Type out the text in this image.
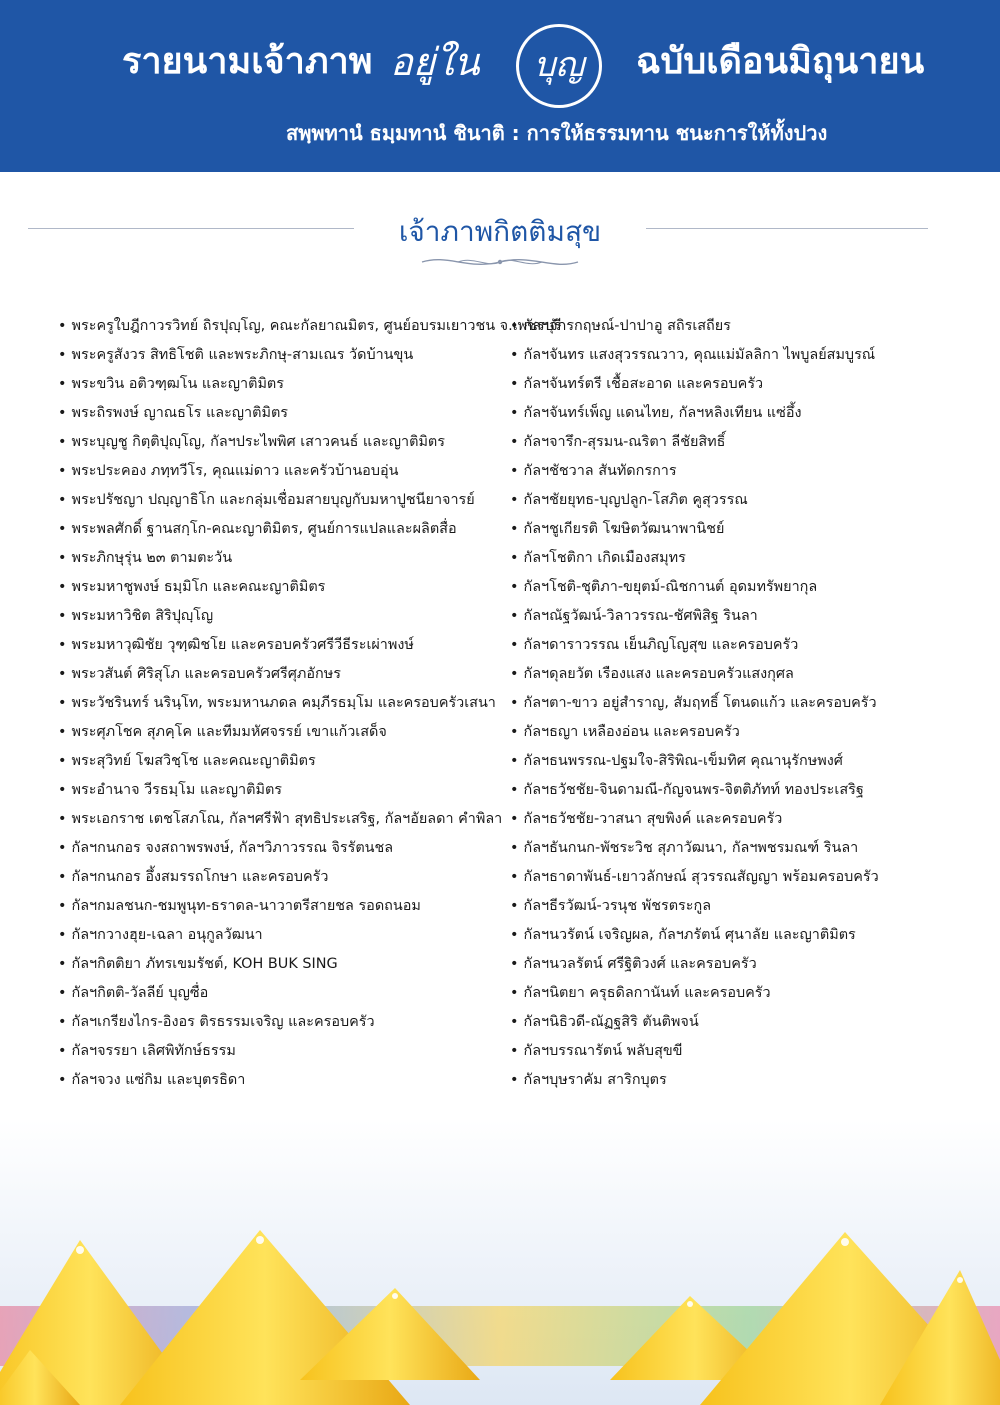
รายนามเจ้าภาพ อยู่ใน	บุญ	ฉบับเดือนมิถุนายน
สพฺพทานํ ธมฺมทานํ ชินาติ : การให้ธรรมทาน ชนะการให้ทั้งปวง
เจ้าภาพกิตติมสุข
• พระครูใบฎีกาวรวิทย์ ถิรปุญฺโญ, คณะกัลยาณมิตร, ศูนย์อบรมเยาวชน จ.เพชรบุรี
• พระครูสังวร สิทธิโชติ และพระภิกษุ-สามเณร วัดบ้านขุน
• พระขวิน อติวฑฺฒโน และญาติมิตร
• พระถิรพงษ์ ญาณธโร และญาติมิตร
• พระบุญชู กิตฺติปุญฺโญ, กัลฯประไพพิศ เสาวคนธ์ และญาติมิตร
• พระประคอง ภทฺทวีโร, คุณแม่ดาว และครัวบ้านอบอุ่น
• พระปรัชญา ปญฺญาธิโก และกลุ่มเชื่อมสายบุญกับมหาปูชนียาจารย์
• พระพลศักดิ์ ฐานสกฺโก-คณะญาติมิตร, ศูนย์การแปลและผลิตสื่อ
• พระภิกษุรุ่น ๒๓ ตามตะวัน
• พระมหาชูพงษ์ ธมฺมิโก และคณะญาติมิตร
• พระมหาวิชิต สิริปุญฺโญ
• พระมหาวุฒิชัย วุฑฺฒิชโย และครอบครัวศรีวีธีระเผ่าพงษ์
• พระวสันต์ ศิริสุโภ และครอบครัวศรีศุภอักษร
• พระวัชรินทร์ นรินฺโท, พระมหานภดล คมฺภีรธมฺโม และครอบครัวเสนา
• พระศุภโชค สุภคฺโค และทีมมหัศจรรย์ เขาแก้วเสด็จ
• พระสุวิทย์ โฆสวิชฺโช และคณะญาติมิตร
• พระอำนาจ วีรธมฺโม และญาติมิตร
• พระเอกราช เตชโสภโณ, กัลฯศรีฟ้า สุทธิประเสริฐ, กัลฯอัยลดา คำพิลา
• กัลฯกนกอร จงสถาพรพงษ์, กัลฯวิภาวรรณ จิรรัตนชล
• กัลฯกนกอร อึ้งสมรรถโกษา และครอบครัว
• กัลฯกมลชนก-ชมพูนุท-ธราดล-นาวาตรีสายชล รอดถนอม
• กัลฯกวางฮุย-เฉลา อนุกูลวัฒนา
• กัลฯกิตติยา ภัทรเขมรัชต์, KOH BUK SING
• กัลฯกิตติ-วัลลีย์ บุญซื่อ
• กัลฯเกรียงไกร-อิงอร ติรธรรมเจริญ และครอบครัว
• กัลฯจรรยา เลิศพิทักษ์ธรรม
• กัลฯจวง แซ่กิม และบุตรธิดา
• กัลฯจักรกฤษณ์-ปาปาอู สถิรเสถียร
• กัลฯจันทร แสงสุวรรณวาว, คุณแม่มัลลิกา ไพบูลย์สมบูรณ์
• กัลฯจันทร์ตรี เชื้อสะอาด และครอบครัว
• กัลฯจันทร์เพ็ญ แดนไทย, กัลฯหลิงเทียน แซ่อึ้ง
• กัลฯจารึก-สุรมน-ณริตา ลีชัยสิทธิ์
• กัลฯชัชวาล สันทัดกรการ
• กัลฯชัยยุทธ-บุญปลูก-โสภิต คูสุวรรณ
• กัลฯชูเกียรติ โฆษิตวัฒนาพานิชย์
• กัลฯโชติกา เกิดเมืองสมุทร
• กัลฯโชติ-ชุติภา-ขยุตม์-ณิชกานต์ อุดมทรัพยากุล
• กัลฯณัฐวัฒน์-วิลาวรรณ-ชัศพิสิฐ รินลา
• กัลฯดาราวรรณ เย็นภิญโญสุข และครอบครัว
• กัลฯดุลยวัต เรืองแสง และครอบครัวแสงกุศล
• กัลฯตา-ขาว อยู่สำราญ, สัมฤทธิ์ โตนดแก้ว และครอบครัว
• กัลฯธญา เหลืองอ่อน และครอบครัว
• กัลฯธนพรรณ-ปฐมใจ-สิริพิณ-เข็มทิศ คุณานุรักษพงศ์
• กัลฯธวัชชัย-จินดามณี-กัญจนพร-จิตติภัทท์ ทองประเสริฐ
• กัลฯธวัชชัย-วาสนา สุขพิงค์ และครอบครัว
• กัลฯธันกนก-พัชระวิช สุภาวัฒนา, กัลฯพชรมณฑ์ รินลา
• กัลฯธาดาพันธ์-เยาวลักษณ์ สุวรรณสัญญา พร้อมครอบครัว
• กัลฯธีรวัฒน์-วรนุช พัชรตระกูล
• กัลฯนวรัตน์ เจริญผล, กัลฯภรัตน์ ศุนาลัย และญาติมิตร
• กัลฯนวลรัตน์ ศรีฐิติวงศ์ และครอบครัว
• กัลฯนิตยา ครุธดิลกานันท์ และครอบครัว
• กัลฯนิธิวดี-ณัฏฐสิริ ตันติพจน์
• กัลฯบรรณารัตน์ พลับสุขขี
• กัลฯบุษราคัม สาริกบุตร
